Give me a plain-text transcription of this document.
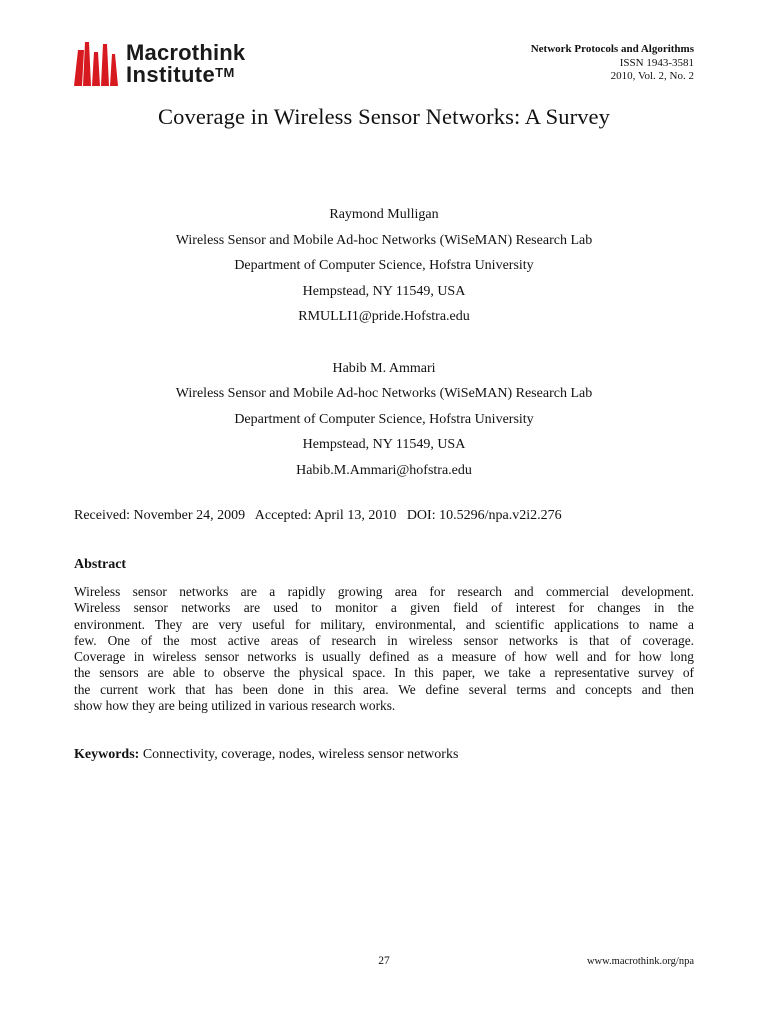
Macrothink
Institute™
Network Protocols and Algorithms
ISSN 1943-3581
2010, Vol. 2, No. 2
Coverage in Wireless Sensor Networks: A Survey
Raymond Mulligan
Wireless Sensor and Mobile Ad-hoc Networks (WiSeMAN) Research Lab
Department of Computer Science, Hofstra University
Hempstead, NY 11549, USA
RMULLI1@pride.Hofstra.edu
Habib M. Ammari
Wireless Sensor and Mobile Ad-hoc Networks (WiSeMAN) Research Lab
Department of Computer Science, Hofstra University
Hempstead, NY 11549, USA
Habib.M.Ammari@hofstra.edu
Received: November 24, 2009   Accepted: April 13, 2010   DOI: 10.5296/npa.v2i2.276
Abstract
Wireless sensor networks are a rapidly growing area for research and commercial development.
Wireless sensor networks are used to monitor a given field of interest for changes in the
environment. They are very useful for military, environmental, and scientific applications to name a
few. One of the most active areas of research in wireless sensor networks is that of coverage.
Coverage in wireless sensor networks is usually defined as a measure of how well and for how long
the sensors are able to observe the physical space. In this paper, we take a representative survey of
the current work that has been done in this area. We define several terms and concepts and then
show how they are being utilized in various research works.
Keywords: Connectivity, coverage, nodes, wireless sensor networks
27	www.macrothink.org/npa
